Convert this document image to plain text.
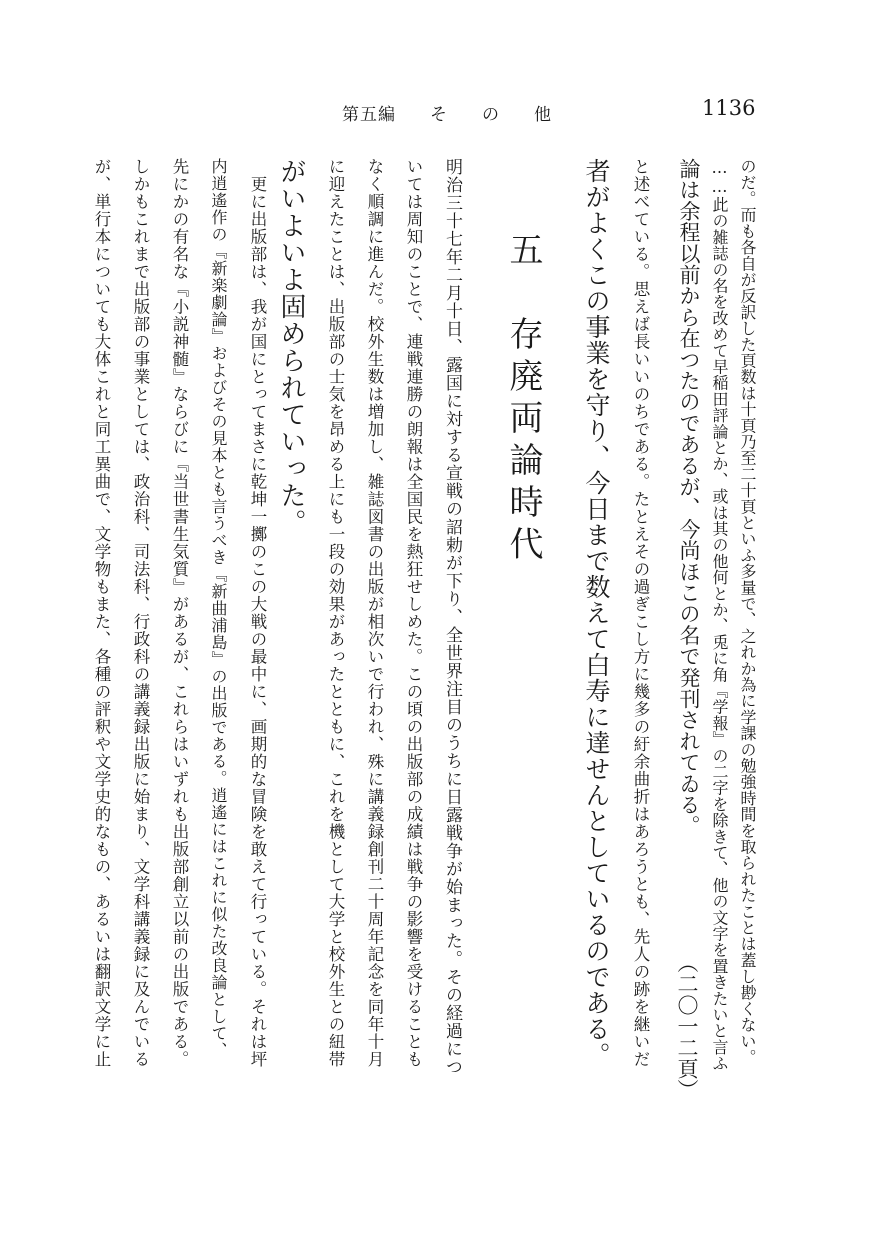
第五編 そ の 他	1136
のだ。而も各自が反訳した頁数は十頁乃至二十頁といふ多量で、之れか為に学課の勉強時間を取られたことは蓋し尠くない。
……此の雑誌の名を改めて早稲田評論とか、或は其の他何とか、兎に角『学報』の二字を除きて、他の文字を置きたいと言ふ
論は余程以前から在つたのであるが、今尚ほこの名で発刊されてゐる。
（二〇一二頁）
と述べている。思えば長いいのちである。たとえその過ぎこし方に幾多の紆余曲折はあろうとも、先人の跡を継いだ
者がよくこの事業を守り、今日まで数えて白寿に達せんとしているのである。
五　存廃両論時代
明治三十七年二月十日、露国に対する宣戦の詔勅が下り、全世界注目のうちに日露戦争が始まった。その経過につ
いては周知のことで、連戦連勝の朗報は全国民を熱狂せしめた。この頃の出版部の成績は戦争の影響を受けることも
なく順調に進んだ。校外生数は増加し、雑誌図書の出版が相次いで行われ、殊に講義録創刊二十周年記念を同年十月
に迎えたことは、出版部の士気を昂める上にも一段の効果があったとともに、これを機として大学と校外生との紐帯
がいよいよ固められていった。
　更に出版部は、我が国にとってまさに乾坤一擲のこの大戦の最中に、画期的な冒険を敢えて行っている。それは坪
内逍遙作の『新楽劇論』およびその見本とも言うべき『新曲浦島』の出版である。逍遙にはこれに似た改良論として、
先にかの有名な『小説神髄』ならびに『当世書生気質』があるが、これらはいずれも出版部創立以前の出版である。
しかもこれまで出版部の事業としては、政治科、司法科、行政科の講義録出版に始まり、文学科講義録に及んでいる
が、単行本についても大体これと同工異曲で、文学物もまた、各種の評釈や文学史的なもの、あるいは翻訳文学に止
